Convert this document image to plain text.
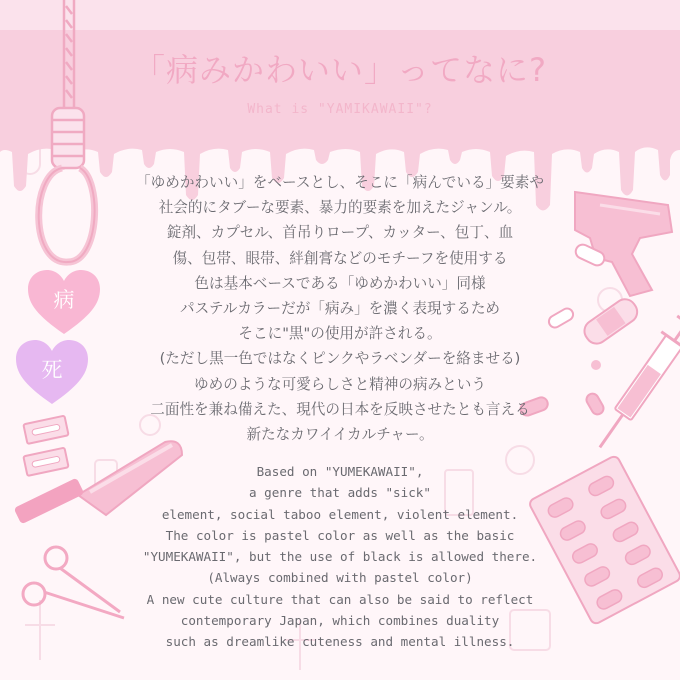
「病みかわいい」ってなに?
What is "YAMIKAWAII"?
病
死
「ゆめかわいい」をベースとし、そこに「病んでいる」要素や
社会的にタブーな要素、暴力的要素を加えたジャンル。
錠剤、カプセル、首吊りロープ、カッター、包丁、血
傷、包帯、眼帯、絆創膏などのモチーフを使用する
色は基本ベースである「ゆめかわいい」同様
パステルカラーだが「病み」を濃く表現するため
そこに"黒"の使用が許される。
(ただし黒一色ではなくピンクやラベンダーを絡ませる)
ゆめのような可愛らしさと精神の病みという
二面性を兼ね備えた、現代の日本を反映させたとも言える
新たなカワイイカルチャー。
Based on "YUMEKAWAII",
a genre that adds "sick"
element, social taboo element, violent element.
The color is pastel color as well as the basic
"YUMEKAWAII", but the use of black is allowed there.
(Always combined with pastel color)
A new cute culture that can also be said to reflect
contemporary Japan, which combines duality
such as dreamlike cuteness and mental illness.
